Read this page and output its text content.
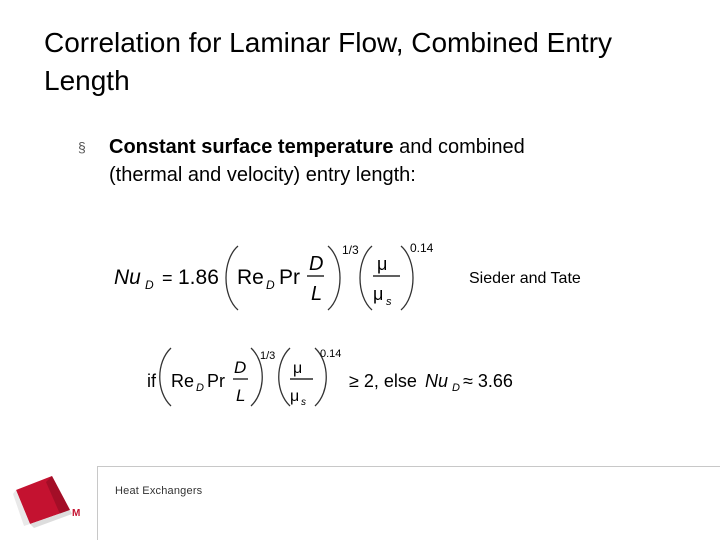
Correlation for Laminar Flow, Combined Entry Length
§ Constant surface temperature and combined (thermal and velocity) entry length:
Nu D = 1.86 Re D Pr
D
L
1/3
μ
μ s
0.14
Sieder and Tate
if Re D Pr
D
L
1/3
μ
μ s
0.14
≥ 2, else Nu D ≈ 3.66
Heat Exchangers
M
